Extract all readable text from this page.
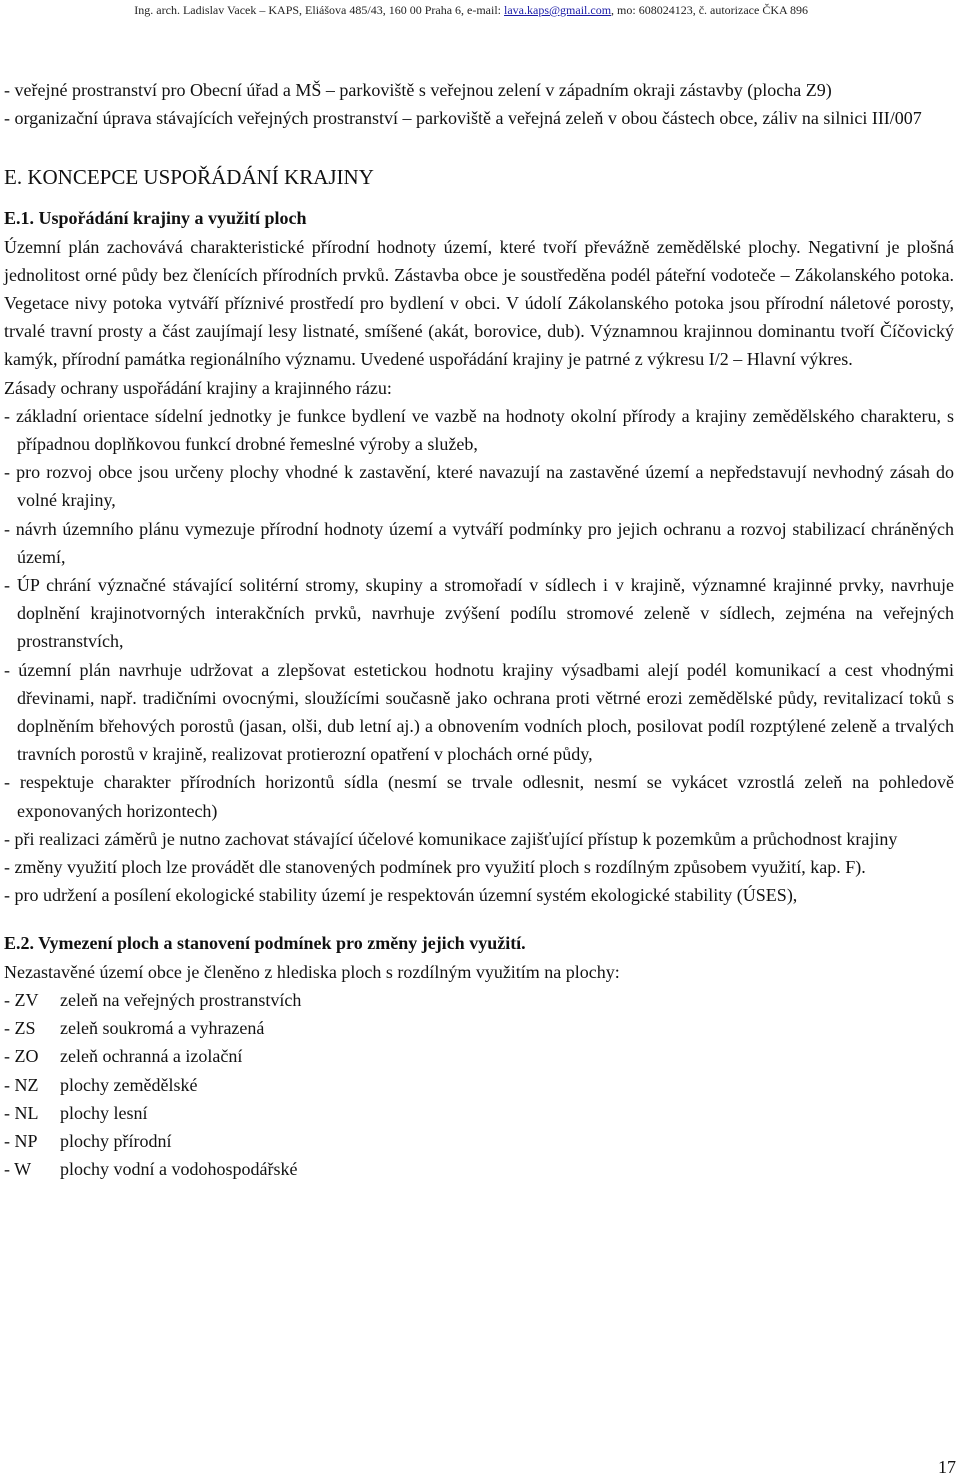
Ing. arch. Ladislav Vacek – KAPS, Eliášova 485/43, 160 00 Praha 6, e-mail: lava.kaps@gmail.com, mo: 608024123, č. autorizace ČKA 896

- veřejné prostranství pro Obecní úřad a MŠ – parkoviště s veřejnou zelení v západním okraji zástavby (plocha Z9)

- organizační úprava stávajících veřejných prostranství – parkoviště a veřejná zeleň v obou částech obce, záliv na silnici III/007

E. KONCEPCE USPOŘÁDÁNÍ KRAJINY

E.1. Uspořádání krajiny a využití ploch

Územní plán zachovává charakteristické přírodní hodnoty území, které tvoří převážně zemědělské plochy. Negativní je plošná jednolitost orné půdy bez členících přírodních prvků. Zástavba obce je soustředěna podél páteřní vodoteče – Zákolanského potoka. Vegetace nivy potoka vytváří příznivé prostředí pro bydlení v obci. V údolí Zákolanského potoka jsou přírodní náletové porosty, trvalé travní prosty a část zaujímají lesy listnaté, smíšené (akát, borovice, dub). Významnou krajinnou dominantu tvoří Číčovický kamýk, přírodní památka regionálního významu. Uvedené uspořádání krajiny je patrné z výkresu I/2 – Hlavní výkres.

Zásady ochrany uspořádání krajiny a krajinného rázu:

- základní orientace sídelní jednotky je funkce bydlení ve vazbě na hodnoty okolní přírody a krajiny zemědělského charakteru, s případnou doplňkovou funkcí drobné řemeslné výroby a služeb,

- pro rozvoj obce jsou určeny plochy vhodné k zastavění, které navazují na zastavěné území a nepředstavují nevhodný zásah do volné krajiny,

- návrh územního plánu vymezuje přírodní hodnoty území a vytváří podmínky pro jejich ochranu a rozvoj stabilizací chráněných území,

- ÚP chrání význačné stávající solitérní stromy, skupiny a stromořadí v sídlech i v krajině, významné krajinné prvky, navrhuje doplnění krajinotvorných interakčních prvků, navrhuje zvýšení podílu stromové zeleně v sídlech, zejména na veřejných prostranstvích,

- územní plán navrhuje udržovat a zlepšovat estetickou hodnotu krajiny výsadbami alejí podél komunikací a cest vhodnými dřevinami, např. tradičními ovocnými, sloužícími současně jako ochrana proti větrné erozi zemědělské půdy, revitalizací toků s doplněním břehových porostů (jasan, olši, dub letní aj.) a obnovením vodních ploch, posilovat podíl rozptýlené zeleně a trvalých travních porostů v krajině, realizovat protierozní opatření v plochách orné půdy,

- respektuje charakter přírodních horizontů sídla (nesmí se trvale odlesnit, nesmí se vykácet vzrostlá zeleň na pohledově exponovaných horizontech)

- při realizaci záměrů je nutno zachovat stávající účelové komunikace zajišťující přístup k pozemkům a průchodnost krajiny

- změny využití ploch lze provádět dle stanovených podmínek pro využití ploch s rozdílným způsobem využití, kap. F).

- pro udržení a posílení ekologické stability území je respektován územní systém ekologické stability (ÚSES),

E.2. Vymezení ploch a stanovení podmínek pro změny jejich využití.

Nezastavěné území obce je členěno z hlediska ploch s rozdílným využitím na plochy:

- ZV	zeleň na veřejných prostranstvích
- ZS	zeleň soukromá a vyhrazená
- ZO	zeleň ochranná a izolační
- NZ	plochy zemědělské
- NL	plochy lesní
- NP	plochy přírodní
- W	plochy vodní a vodohospodářské
17
